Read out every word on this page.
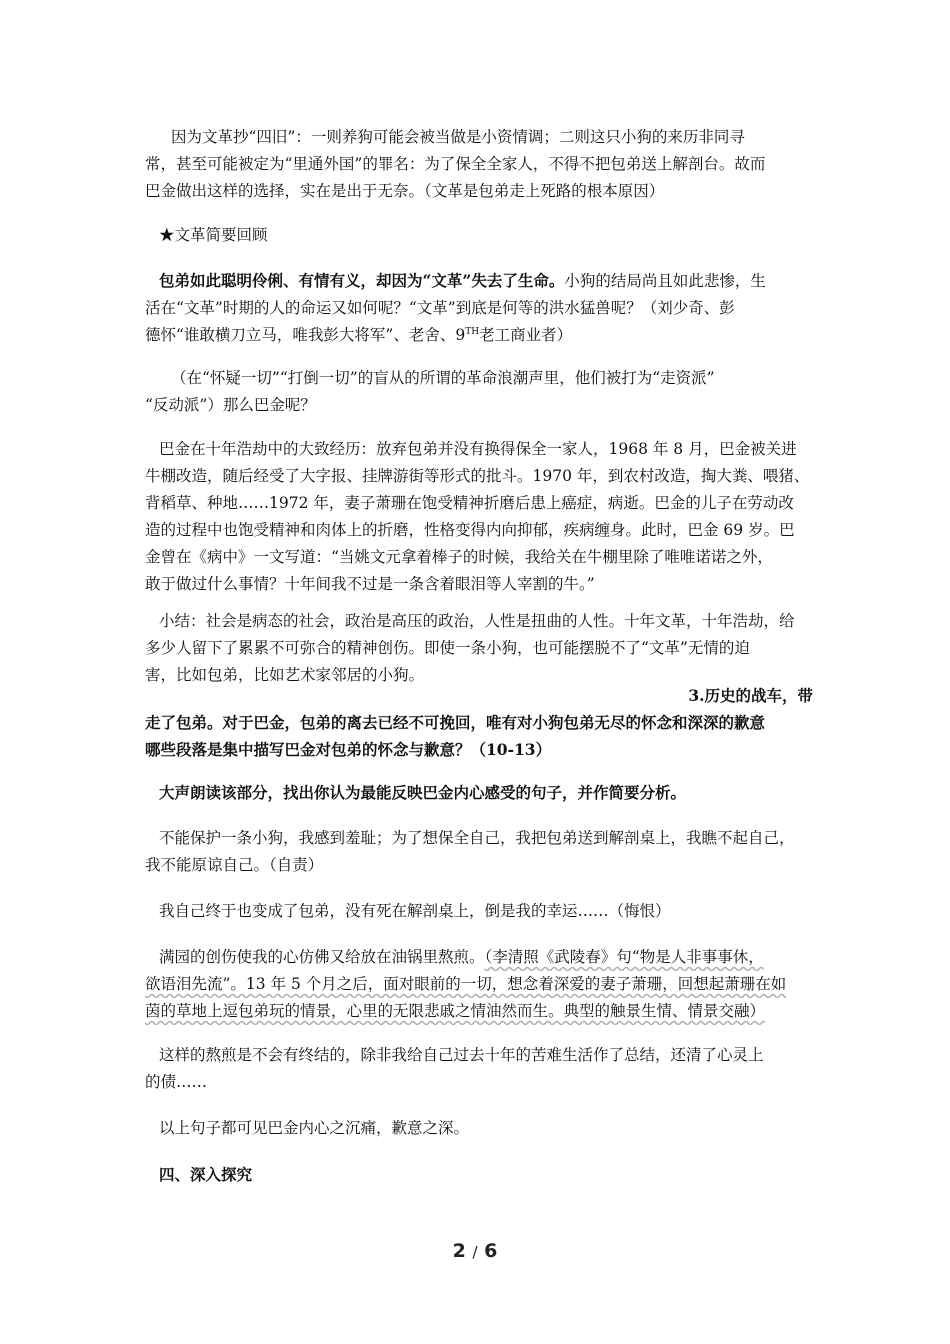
因为文革抄“四旧”：一则养狗可能会被当做是小资情调；二则这只小狗的来历非同寻
常，甚至可能被定为“里通外国”的罪名：为了保全全家人，不得不把包弟送上解剖台。故而
巴金做出这样的选择，实在是出于无奈。（文革是包弟走上死路的根本原因）
★文革简要回顾
包弟如此聪明伶俐、有情有义，却因为“文革”失去了生命。小狗的结局尚且如此悲惨，生
活在“文革”时期的人的命运又如何呢？“文革”到底是何等的洪水猛兽呢？（刘少奇、彭
德怀“谁敢横刀立马，唯我彭大将军”、老舍、9TH老工商业者）
（在“怀疑一切”“打倒一切”的盲从的所谓的革命浪潮声里，他们被打为“走资派”
“反动派”）那么巴金呢？
巴金在十年浩劫中的大致经历：放弃包弟并没有换得保全一家人，1968 年 8 月，巴金被关进
牛棚改造，随后经受了大字报、挂牌游街等形式的批斗。1970 年，到农村改造，掏大粪、喂猪、
背稻草、种地……1972 年，妻子萧珊在饱受精神折磨后患上癌症，病逝。巴金的儿子在劳动改
造的过程中也饱受精神和肉体上的折磨，性格变得内向抑郁，疾病缠身。此时，巴金 69 岁。巴
金曾在《病中》一文写道：“当姚文元拿着棒子的时候，我给关在牛棚里除了唯唯诺诺之外，
敢于做过什么事情？十年间我不过是一条含着眼泪等人宰割的牛。”
小结：社会是病态的社会，政治是高压的政治，人性是扭曲的人性。十年文革，十年浩劫，给
多少人留下了累累不可弥合的精神创伤。即使一条小狗，也可能摆脱不了“文革”无情的迫
害，比如包弟，比如艺术家邻居的小狗。
3.历史的战车，带
走了包弟。对于巴金，包弟的离去已经不可挽回，唯有对小狗包弟无尽的怀念和深深的歉意
哪些段落是集中描写巴金对包弟的怀念与歉意？（10-13）
大声朗读该部分，找出你认为最能反映巴金内心感受的句子，并作简要分析。
不能保护一条小狗，我感到羞耻；为了想保全自己，我把包弟送到解剖桌上，我瞧不起自己，
我不能原谅自己。（自责）
我自己终于也变成了包弟，没有死在解剖桌上，倒是我的幸运……（悔恨）
满园的创伤使我的心仿佛又给放在油锅里熬煎。（李清照《武陵春》句“物是人非事事休，
欲语泪先流”。13 年 5 个月之后，面对眼前的一切，想念着深爱的妻子萧珊，回想起萧珊在如
茵的草地上逗包弟玩的情景，心里的无限悲戚之情油然而生。典型的触景生情、情景交融）
这样的熬煎是不会有终结的，除非我给自己过去十年的苦难生活作了总结，还清了心灵上
的债……
以上句子都可见巴金内心之沉痛，歉意之深。
四、深入探究
2 / 6
